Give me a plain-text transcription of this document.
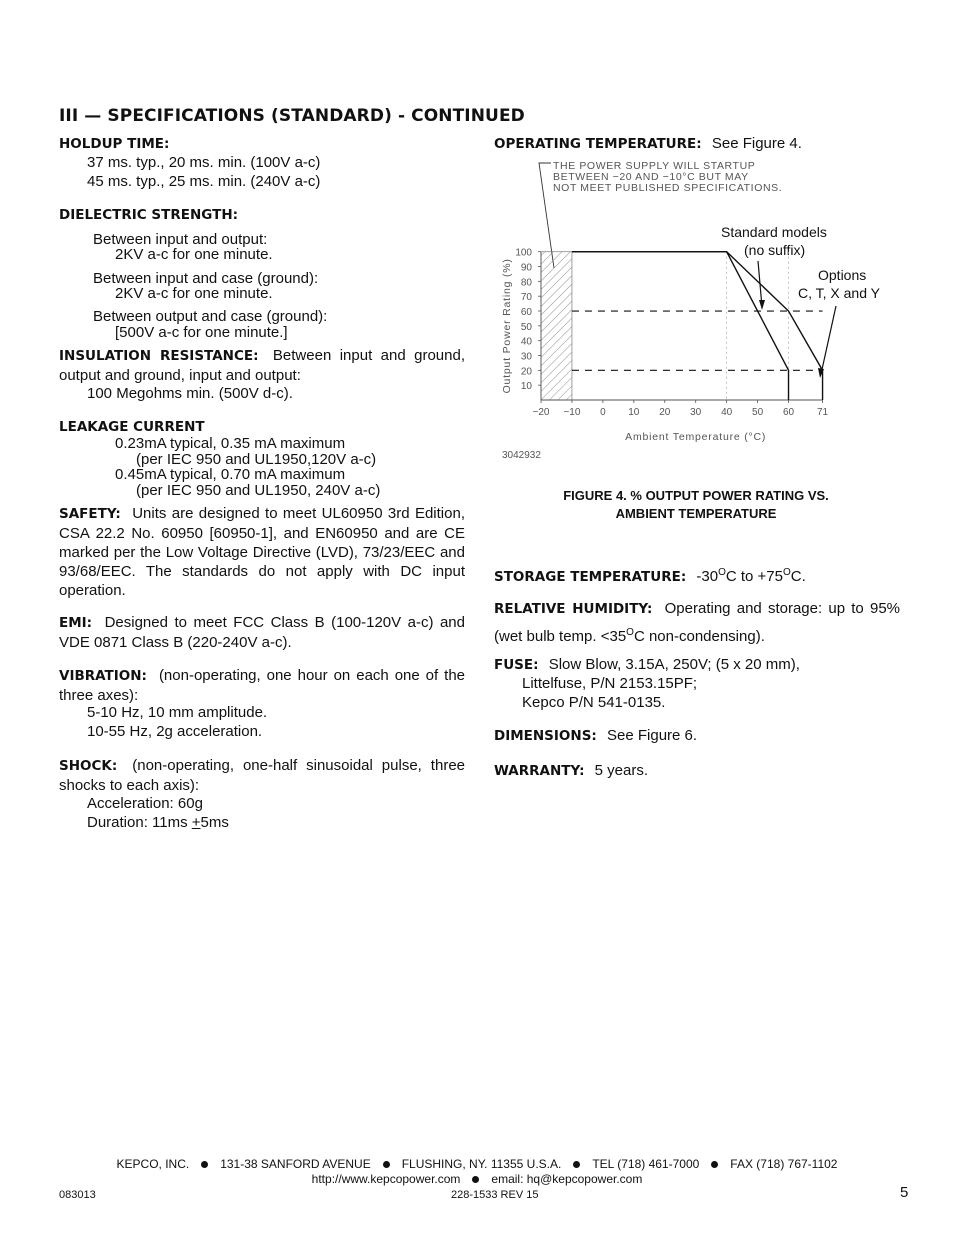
III — SPECIFICATIONS (STANDARD) - CONTINUED
HOLDUP TIME:
37 ms. typ., 20 ms. min. (100V a-c)
45 ms. typ., 25 ms. min. (240V a-c)
DIELECTRIC STRENGTH:
Between input and output:
2KV a-c for one minute.
Between input and case (ground):
2KV a-c for one minute.
Between output and case (ground):
[500V a-c for one minute.]
INSULATION RESISTANCE: Between input and ground, output and ground, input and output:
100 Megohms min. (500V d-c).
LEAKAGE CURRENT
0.23mA typical, 0.35 mA maximum
(per IEC 950 and UL1950,120V a-c)
0.45mA typical, 0.70 mA maximum
(per IEC 950 and UL1950, 240V a-c)
SAFETY: Units are designed to meet UL60950 3rd Edition, CSA 22.2 No. 60950 [60950-1], and EN60950 and are CE marked per the Low Voltage Directive (LVD), 73/23/EEC and 93/68/EEC. The standards do not apply with DC input operation.
EMI: Designed to meet FCC Class B (100-120V a-c) and VDE 0871 Class B (220-240V a-c).
VIBRATION: (non-operating, one hour on each one of the three axes):
5-10 Hz, 10 mm amplitude.
10-55 Hz, 2g acceleration.
SHOCK: (non-operating, one-half sinusoidal pulse, three shocks to each axis):
Acceleration: 60g
Duration: 11ms +5ms
OPERATING TEMPERATURE: See Figure 4.
THE POWER SUPPLY WILL STARTUP
BETWEEN −20 AND −10°C BUT MAY
NOT MEET PUBLISHED SPECIFICATIONS.
Standard models
(no suffix)
Options
C, T, X and Y
10
20
30
40
50
60
70
80
90
100
−20 −10 0 10 20 30 40 50 60 71
Ambient Temperature (°C)
Output Power Rating (%)
3042932
FIGURE 4. % OUTPUT POWER RATING VS.
AMBIENT TEMPERATURE
STORAGE TEMPERATURE: $-30^OC$ to $+75^OC$.
RELATIVE HUMIDITY: Operating and storage: up to 95% (wet bulb temp. $<35^OC$ non-condensing).
FUSE: Slow Blow, 3.15A, 250V; (5 x 20 mm),
Littelfuse, P/N 2153.15PF;
Kepco P/N 541-0135.
DIMENSIONS: See Figure 6.
WARRANTY: 5 years.
KEPCO, INC.	131-38 SANFORD AVENUE	FLUSHING, NY. 11355 U.S.A.	TEL (718) 461-7000	FAX (718) 767-1102
http://www.kepcopower.com	email: hq@kepcopower.com
083013	228-1533 REV 15	5
